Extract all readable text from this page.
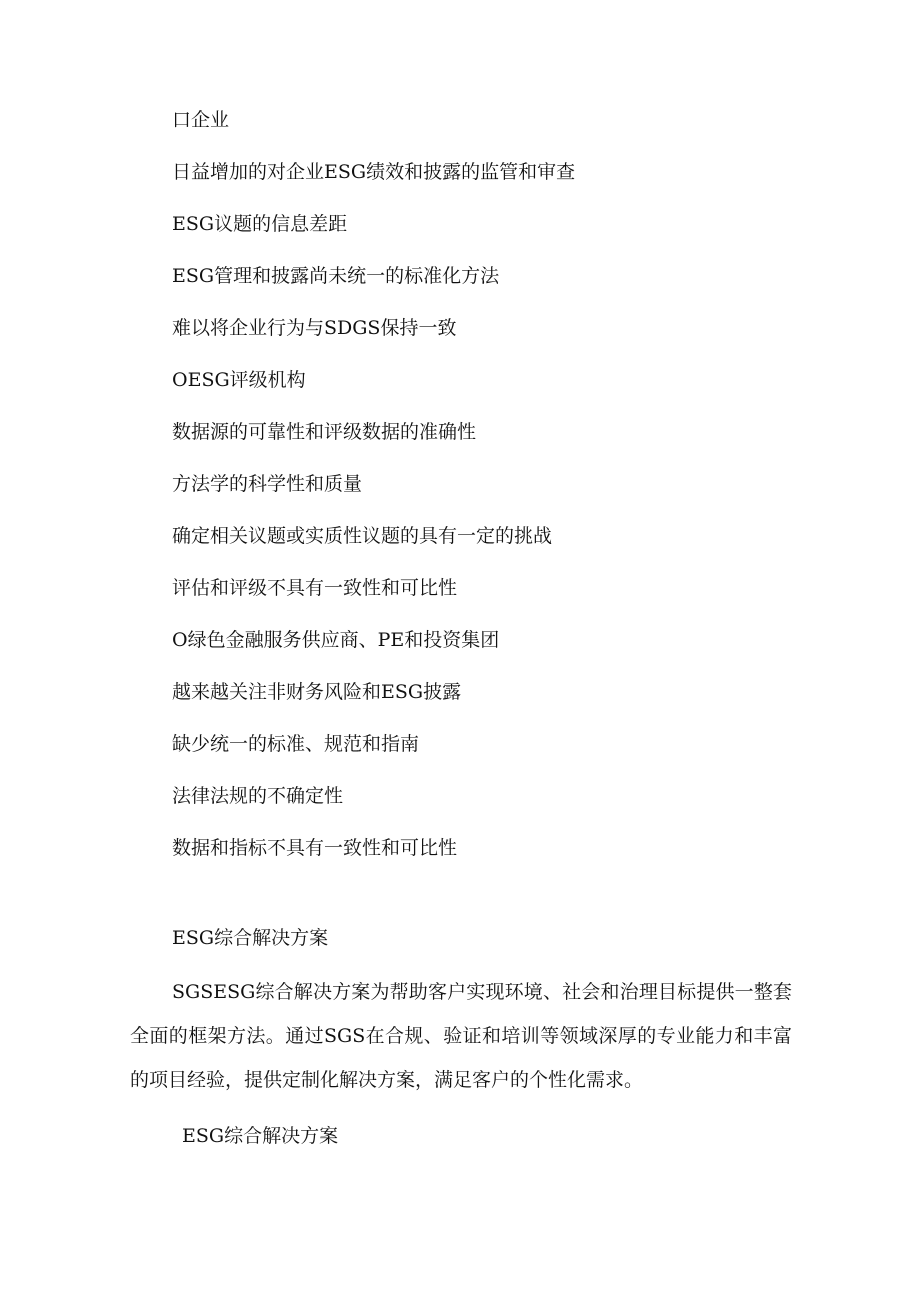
口企业
日益增加的对企业ESG绩效和披露的监管和审查
ESG议题的信息差距
ESG管理和披露尚未统一的标准化方法
难以将企业行为与SDGS保持一致
OESG评级机构
数据源的可靠性和评级数据的准确性
方法学的科学性和质量
确定相关议题或实质性议题的具有一定的挑战
评估和评级不具有一致性和可比性
O绿色金融服务供应商、PE和投资集团
越来越关注非财务风险和ESG披露
缺少统一的标准、规范和指南
法律法规的不确定性
数据和指标不具有一致性和可比性
ESG综合解决方案

SGSESG综合解决方案为帮助客户实现环境、社会和治理目标提供一整套全面的框架方法。通过SGS在合规、验证和培训等领域深厚的专业能力和丰富的项目经验，提供定制化解决方案，满足客户的个性化需求。

ESG综合解决方案
